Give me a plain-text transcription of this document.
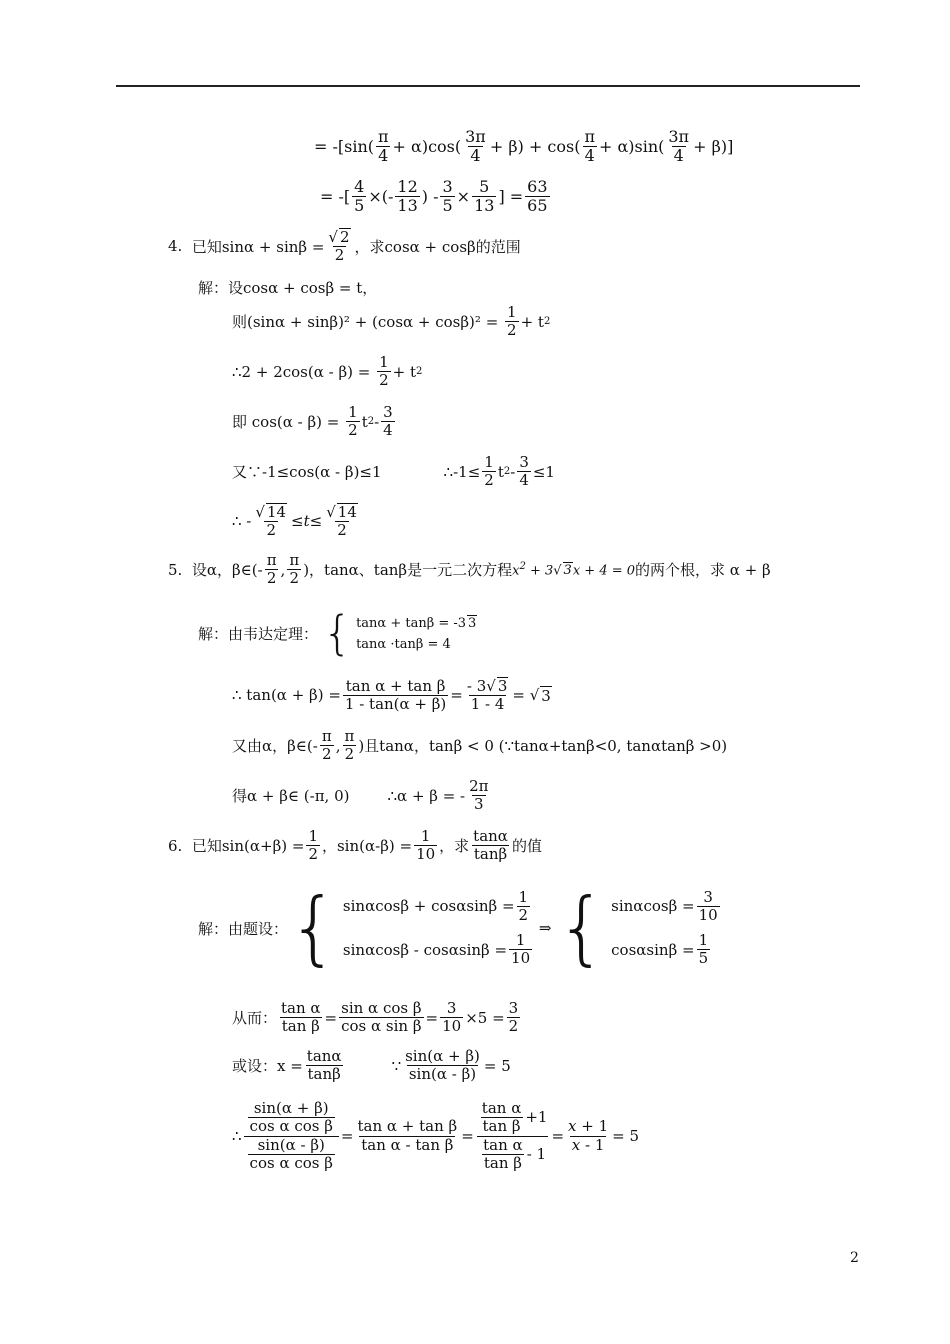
= $-[\sin( \frac{\pi}{4} + \alpha)\cos( \frac{3\pi}{4} + \beta) + \cos( \frac{\pi}{4} + \alpha)\sin( \frac{3\pi}{4} + \beta)]$
= -[ $\frac{4}{5}$ ×(- $\frac{12}{13}$ ) - $\frac{3}{5} \times \frac{5}{13}$ ] = $\frac{63}{65}$
4.
已知$\sin\alpha + \sin\beta = \frac{√ 2}{2}$ ，求cosα + cosβ的范围
解：设cosα + cosβ = t，
则(sinα + sinβ)² + (cosα + cosβ)² =
$\frac{1}{2} + t$ 2
∴2 + 2cos(α - β) =
$\frac{1}{2} + t$ 2
即 cos(α - β) =
$\frac{1}{2}$ t $2 - \frac{3}{4}$
又∵-1≤cos(α - β)≤1	∴-1≤ $\frac{1}{2}$ t $2 - \frac{3}{4} \le 1$
∴ - $\frac{√ 14}{2} \le t \le \frac{√ 14}{2}$
5.
设α，β∈(- $\frac{\pi}{2}$ , $\frac{\pi}{2}$ )，tanα、tanβ是一元二次方程 $x^2 + 3√$ 3x + 4 = 0 的两个根，求 α + β
解：由韦达定理：
{ tanα + tanβ = -3 3
tanα ·tanβ = 4
∴ $\tan(\alpha + \beta) = \frac{\text{tan α + tan β}}{1 - \tan(\alpha + \beta)} = \frac{- 3√ 3}{1 - 4}$ = √ 3
又由α，β∈(- $\frac{\pi}{2}$ , $\frac{\pi}{2}$ )且tanα，tanβ < 0 (∵tanα+tanβ<0, tanαtanβ >0)
得α + β∈ (-π, 0)	∴α + β = - $\frac{2\pi}{3}$
6.
已知$\sin(\alpha+\beta) = \frac{1}{2}$ ，$\sin(\alpha-\beta) = \frac{1}{10}$ ，求 $\frac{\tan\alpha}{\tan\beta}$ 的值
解：由题设： { $\sin\alpha\cos\beta + \cos\alpha\sin\beta = \frac{1}{2}$
$\sin\alpha\cos\beta - \cos\alpha\sin\beta = \frac{1}{10}$
⇒ { $\sin\alpha\cos\beta = \frac{3}{10}$
$\cos\alpha\sin\beta = \frac{1}{5}$
从而： $\frac{\text{tan α}}{\text{tan β}} = \frac{\text{sin α cos β}}{\text{cos α sin β}} = \frac{3}{10} \times 5 = \frac{3}{2}$
或设：$x = \frac{\tan\alpha}{\tan\beta}$	∵ $\frac{\sin(\alpha + \beta)}{\sin(\alpha - \beta)} = 5$
∴ $\frac{\frac{\sin(\alpha + \beta)}{\text{cos α cos β}}}{\frac{\sin(\alpha - \beta)}{\text{cos α cos β}}} = \frac{\text{tan α + tan β}}{\text{tan α - tan β}} = \frac{\frac{\text{tan α}}{\text{tan β}} +1}{\frac{\text{tan α}}{\text{tan β}} - 1} = \frac{x + 1}{x - 1} = 5$
2
